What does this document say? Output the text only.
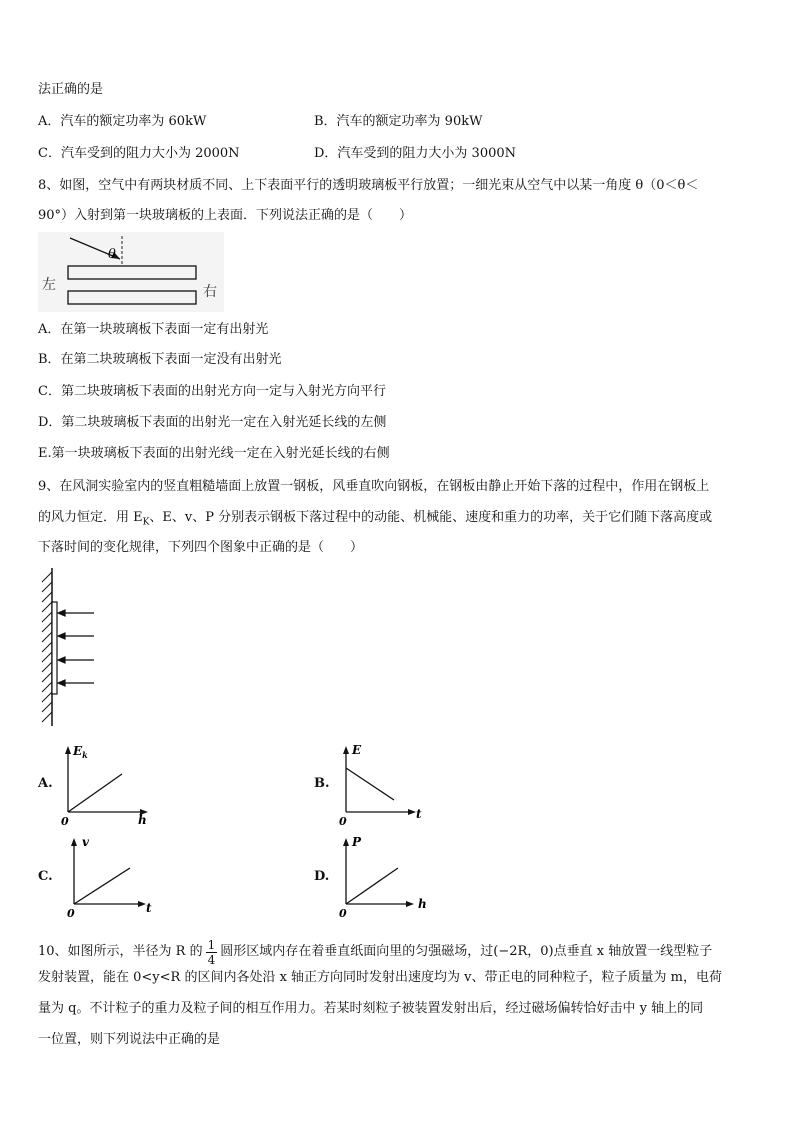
法正确的是
A．汽车的额定功率为 60kW	B．汽车的额定功率为 90kW
C．汽车受到的阻力大小为 2000N	D．汽车受到的阻力大小为 3000N
8、如图，空气中有两块材质不同、上下表面平行的透明玻璃板平行放置；一细光束从空气中以某一角度 θ（0＜θ＜
90°）入射到第一块玻璃板的上表面．下列说法正确的是（　　）
θ
左	右
A．在第一块玻璃板下表面一定有出射光
B．在第二块玻璃板下表面一定没有出射光
C．第二块玻璃板下表面的出射光方向一定与入射光方向平行
D．第二块玻璃板下表面的出射光一定在入射光延长线的左侧
E.第一块玻璃板下表面的出射光线一定在入射光延长线的右侧
9、在风洞实验室内的竖直粗糙墙面上放置一钢板，风垂直吹向钢板，在钢板由静止开始下落的过程中，作用在钢板上
的风力恒定．用 $E_K$、E、v、P 分别表示钢板下落过程中的动能、机械能、速度和重力的功率，关于它们随下落高度或
下落时间的变化规律，下列四个图象中正确的是（　　）
A.
$E_k$
h
0
B.
E
t
0
C.
v
t
0
D.
P
h
0
10、如图所示，半径为 R 的 1
4
圆形区域内存在着垂直纸面向里的匀强磁场，过(−2R，0)点垂直 x 轴放置一线型粒子
发射装置，能在 0<y<R 的区间内各处沿 x 轴正方向同时发射出速度均为 v、带正电的同种粒子，粒子质量为 m，电荷
量为 q。不计粒子的重力及粒子间的相互作用力。若某时刻粒子被装置发射出后，经过磁场偏转恰好击中 y 轴上的同
一位置，则下列说法中正确的是
